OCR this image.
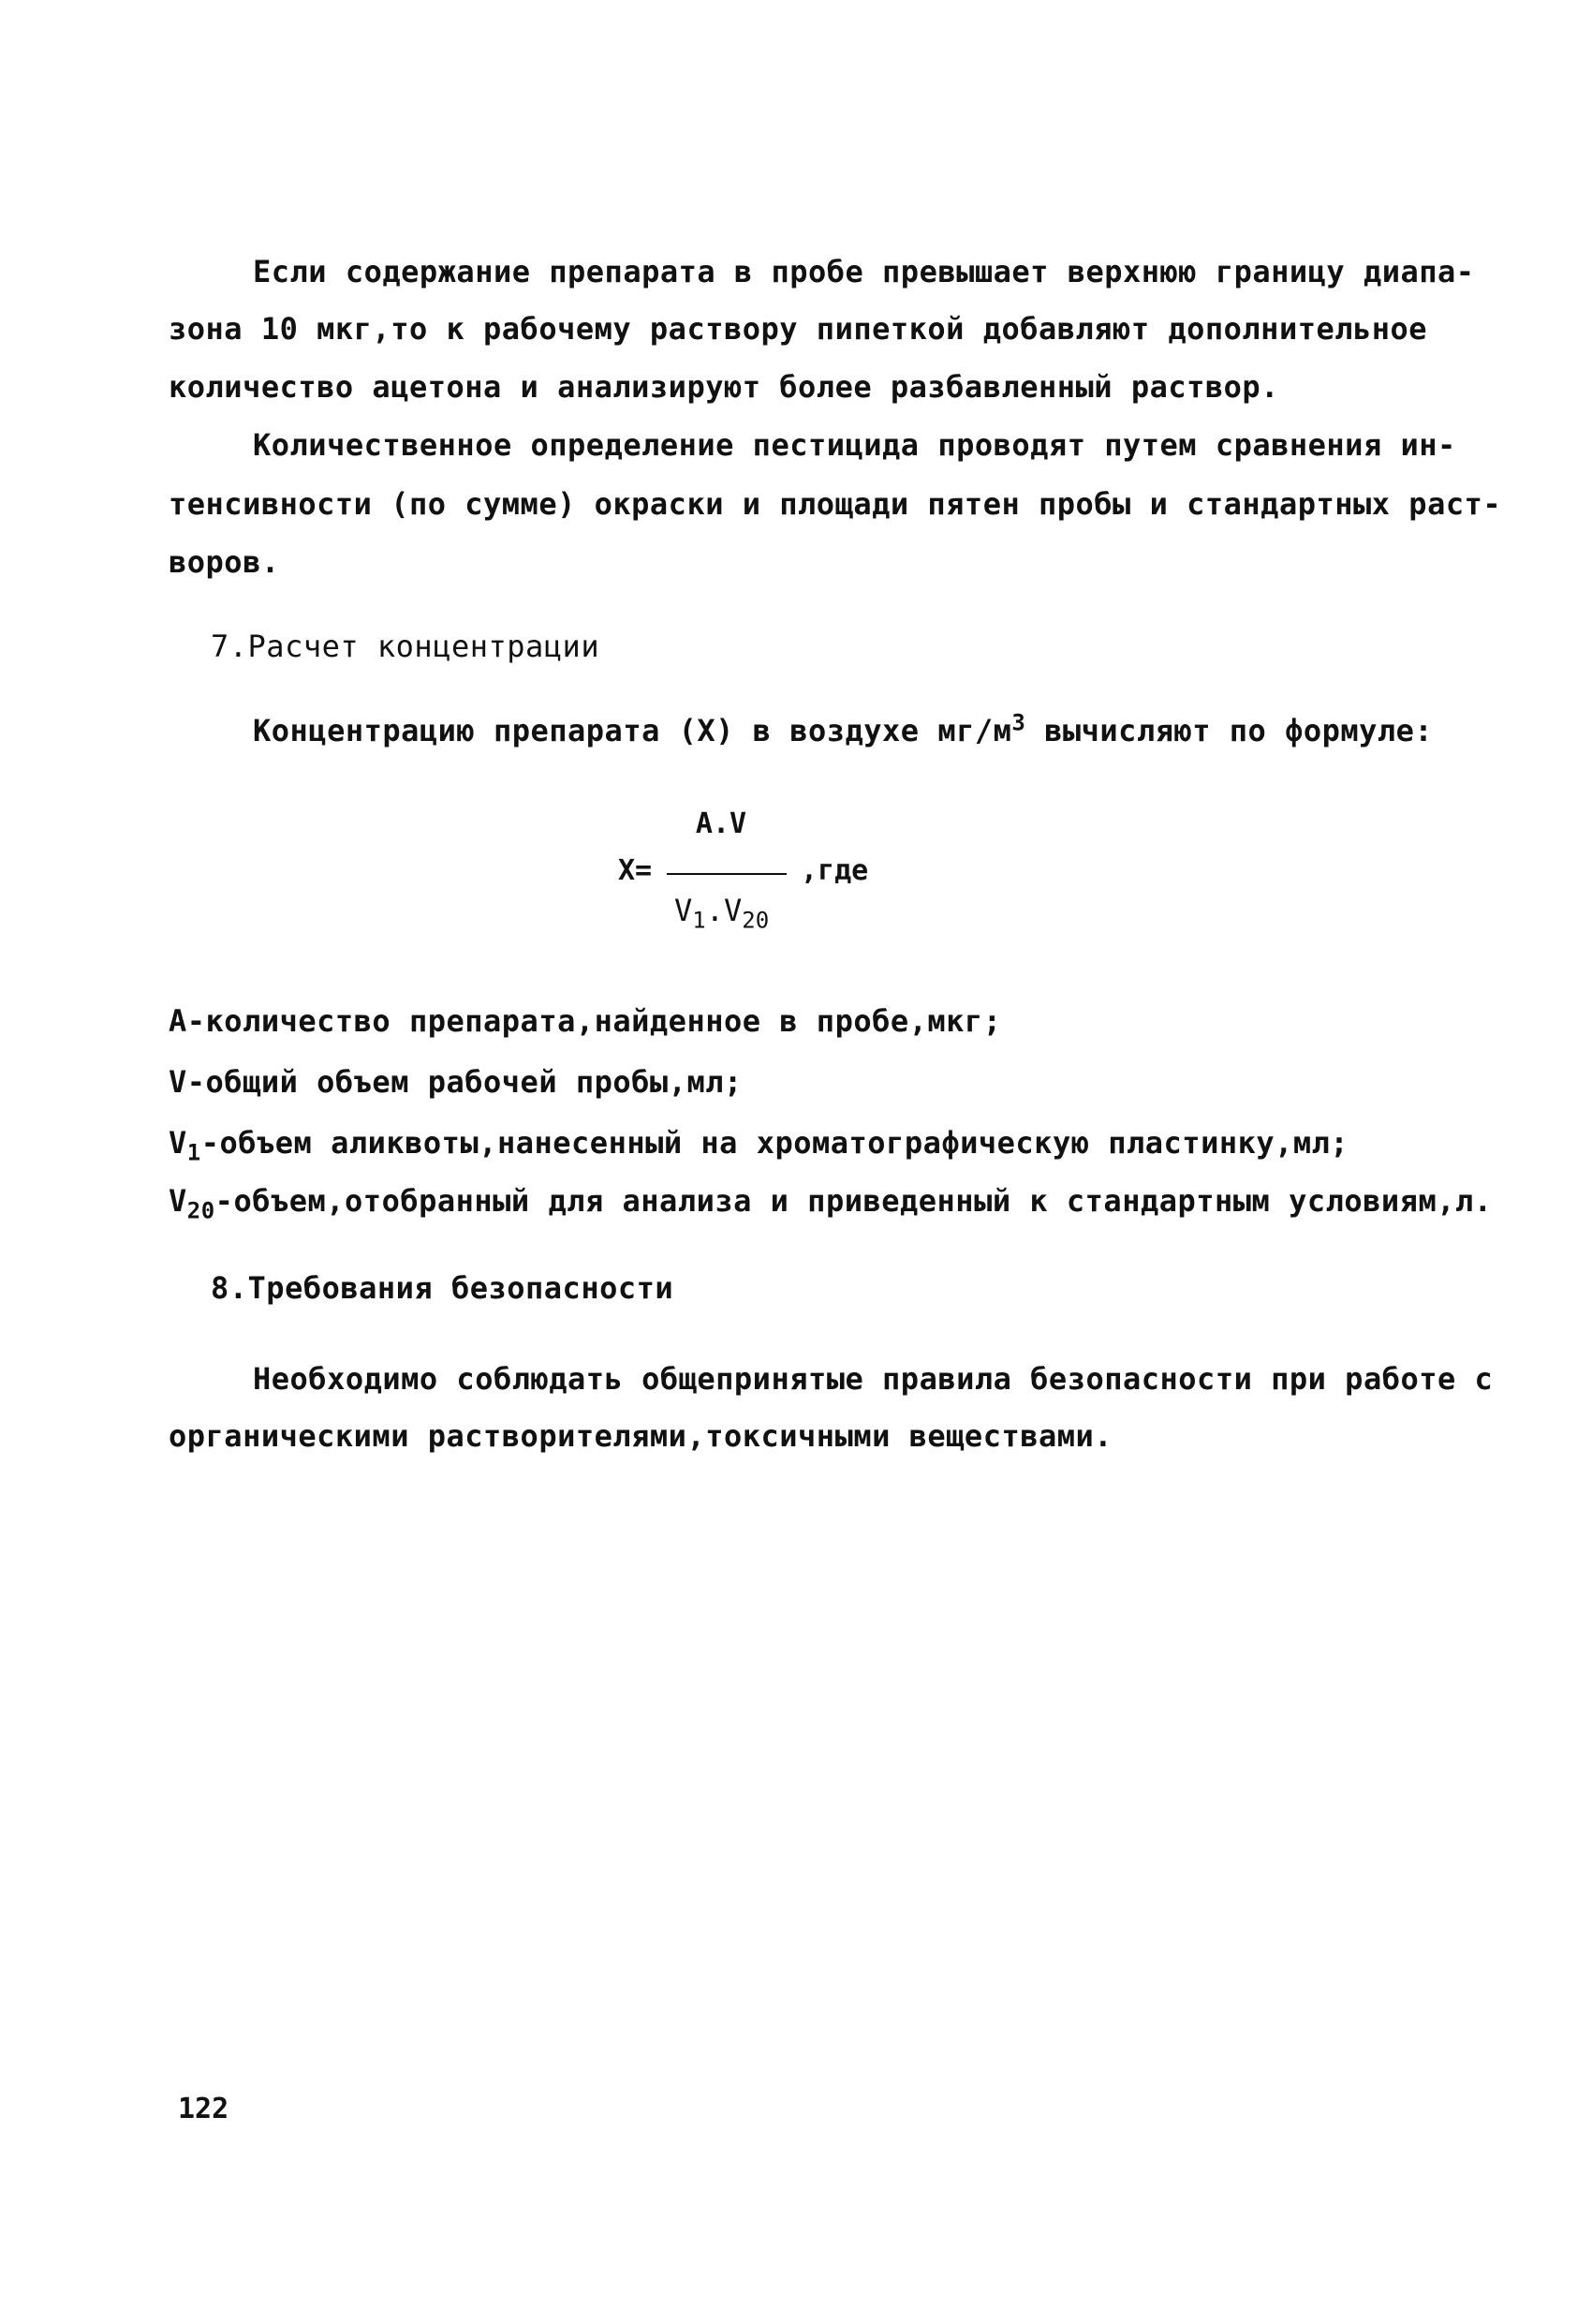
Если содержание препарата в пробе превышает верхнюю границу диапа-
зона 10 мкг,то к рабочему раствору пипеткой добавляют дополнительное
количество ацетона и анализируют более разбавленный раствор.
Количественное определение пестицида проводят путем сравнения ин-
тенсивности (по сумме) окраски и площади пятен пробы и стандартных раст-
воров.
7.Расчет концентрации
Концентрацию препарата (X) в воздухе $мг/м^3$ вычисляют по формуле:
A.V
X=	,где
$V_1.V_{20}$
A-количество препарата,найденное в пробе,мкг;
V-общий объем рабочей пробы,мл;
$V_1$-объем аликвоты,нанесенный на хроматографическую пластинку,мл;
$V_{20}-объем,отобранный$ для анализа и приведенный к стандартным условиям,л.
8.Требования безопасности
Необходимо соблюдать общепринятые правила безопасности при работе с
органическими растворителями,токсичными веществами.
122
